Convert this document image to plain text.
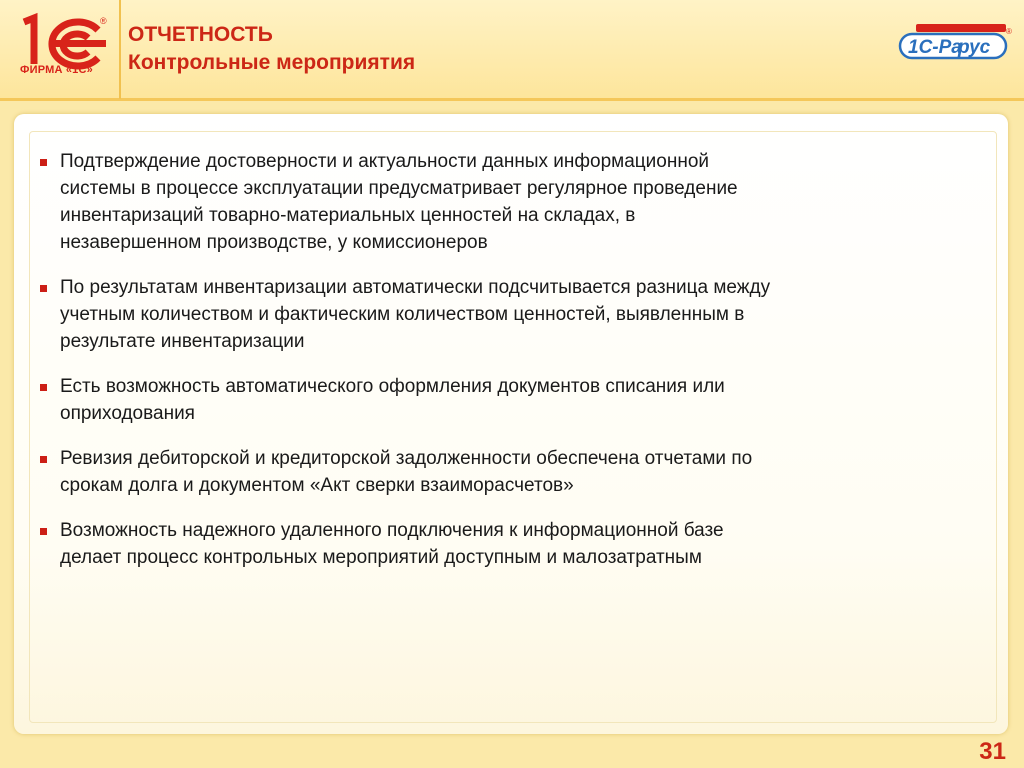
®
ФИРМА «1С»
ОТЧЕТНОСТЬ
Контрольные мероприятия
1C-Pa
рус
®
Подтверждение достоверности и актуальности данных информационной системы в процессе эксплуатации предусматривает регулярное проведение инвентаризаций товарно-материальных ценностей на складах, в незавершенном производстве, у комиссионеров
По результатам инвентаризации автоматически подсчитывается разница между учетным количеством и фактическим количеством ценностей, выявленным в результате инвентаризации
Есть возможность автоматического оформления документов списания или оприходования
Ревизия дебиторской и кредиторской задолженности обеспечена отчетами по срокам долга и документом «Акт сверки взаиморасчетов»
Возможность надежного удаленного подключения к информационной базе делает процесс контрольных мероприятий доступным и малозатратным
31
